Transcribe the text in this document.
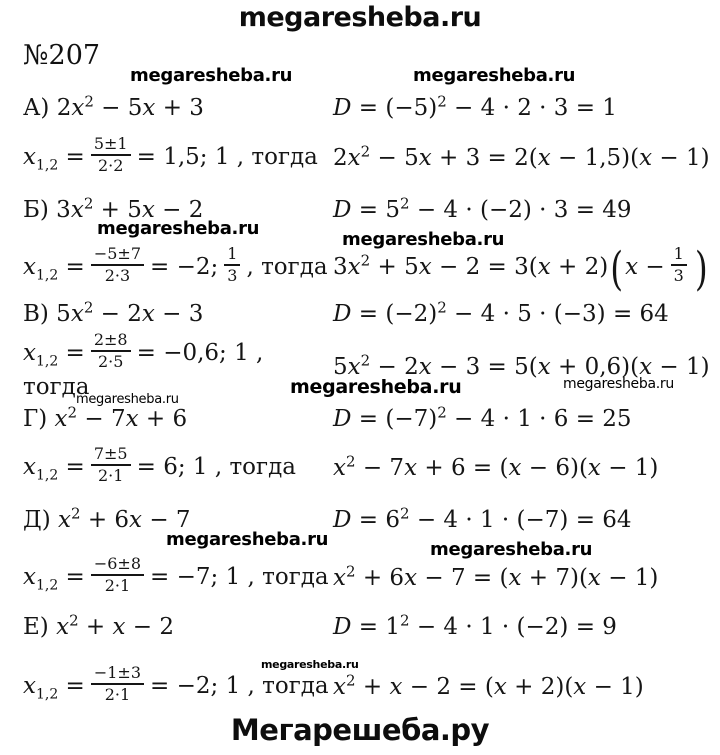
megaresheba.ru
№207
А) $2x^2 - 5x + 3$	$D = (-5)^2 - 4 \cdot 2 \cdot 3 = 1$
$x_{1,2} = \frac{5\pm 1}{2\cdot 2} = 1,5$; 1 , тогда $2x^2 - 5x + 3 = 2(x - 1,5)(x - 1)$
Б) $3x^2 + 5x - 2$	$D = 5^2 - 4 \cdot (-2) \cdot 3 = 49$
$x_{1,2} = \frac{-5\pm 7}{2\cdot 3} = -2$; $\frac{1}{3}$ , тогда $3x^2 + 5x - 2 = 3(x + 2)(x - \frac{1}{3}$ )
В) $5x^2 - 2x - 3$	$D = (-2)^2 - 4 \cdot 5 \cdot (-3) = 64$
$x_{1,2} = \frac{2\pm 8}{2\cdot 5} = -0,6$; 1 , тогда
$5x^2 - 2x - 3 = 5(x + 0,6)(x - 1)$
Г) $x^2 - 7x + 6$	$D = (-7)^2 - 4 \cdot 1 \cdot 6 = 25$
$x_{1,2} = \frac{7\pm 5}{2\cdot 1} = 6$; 1 , тогда	$x^2 - 7x + 6 = (x - 6)(x - 1)$
Д) $x^2 + 6x - 7$	$D = 6^2 - 4 \cdot 1 \cdot (-7) = 64$
$x_{1,2} = \frac{-6\pm 8}{2\cdot 1} = -7$; 1 , тогда $x^2 + 6x - 7 = (x + 7)(x - 1)$
Е) $x^2 + x - 2$	$D = 1^2 - 4 \cdot 1 \cdot (-2) = 9$
$x_{1,2} = \frac{-1\pm 3}{2\cdot 1} = -2$; 1 , тогда $x^2 + x - 2 = (x + 2)(x - 1)$
megaresheba.ru	megaresheba.ru
megaresheba.ru
megaresheba.ru
megaresheba.ru	megaresheba.ru
megaresheba.ru
megaresheba.ru	megaresheba.ru
megaresheba.ru
Мегарешеба.ру
